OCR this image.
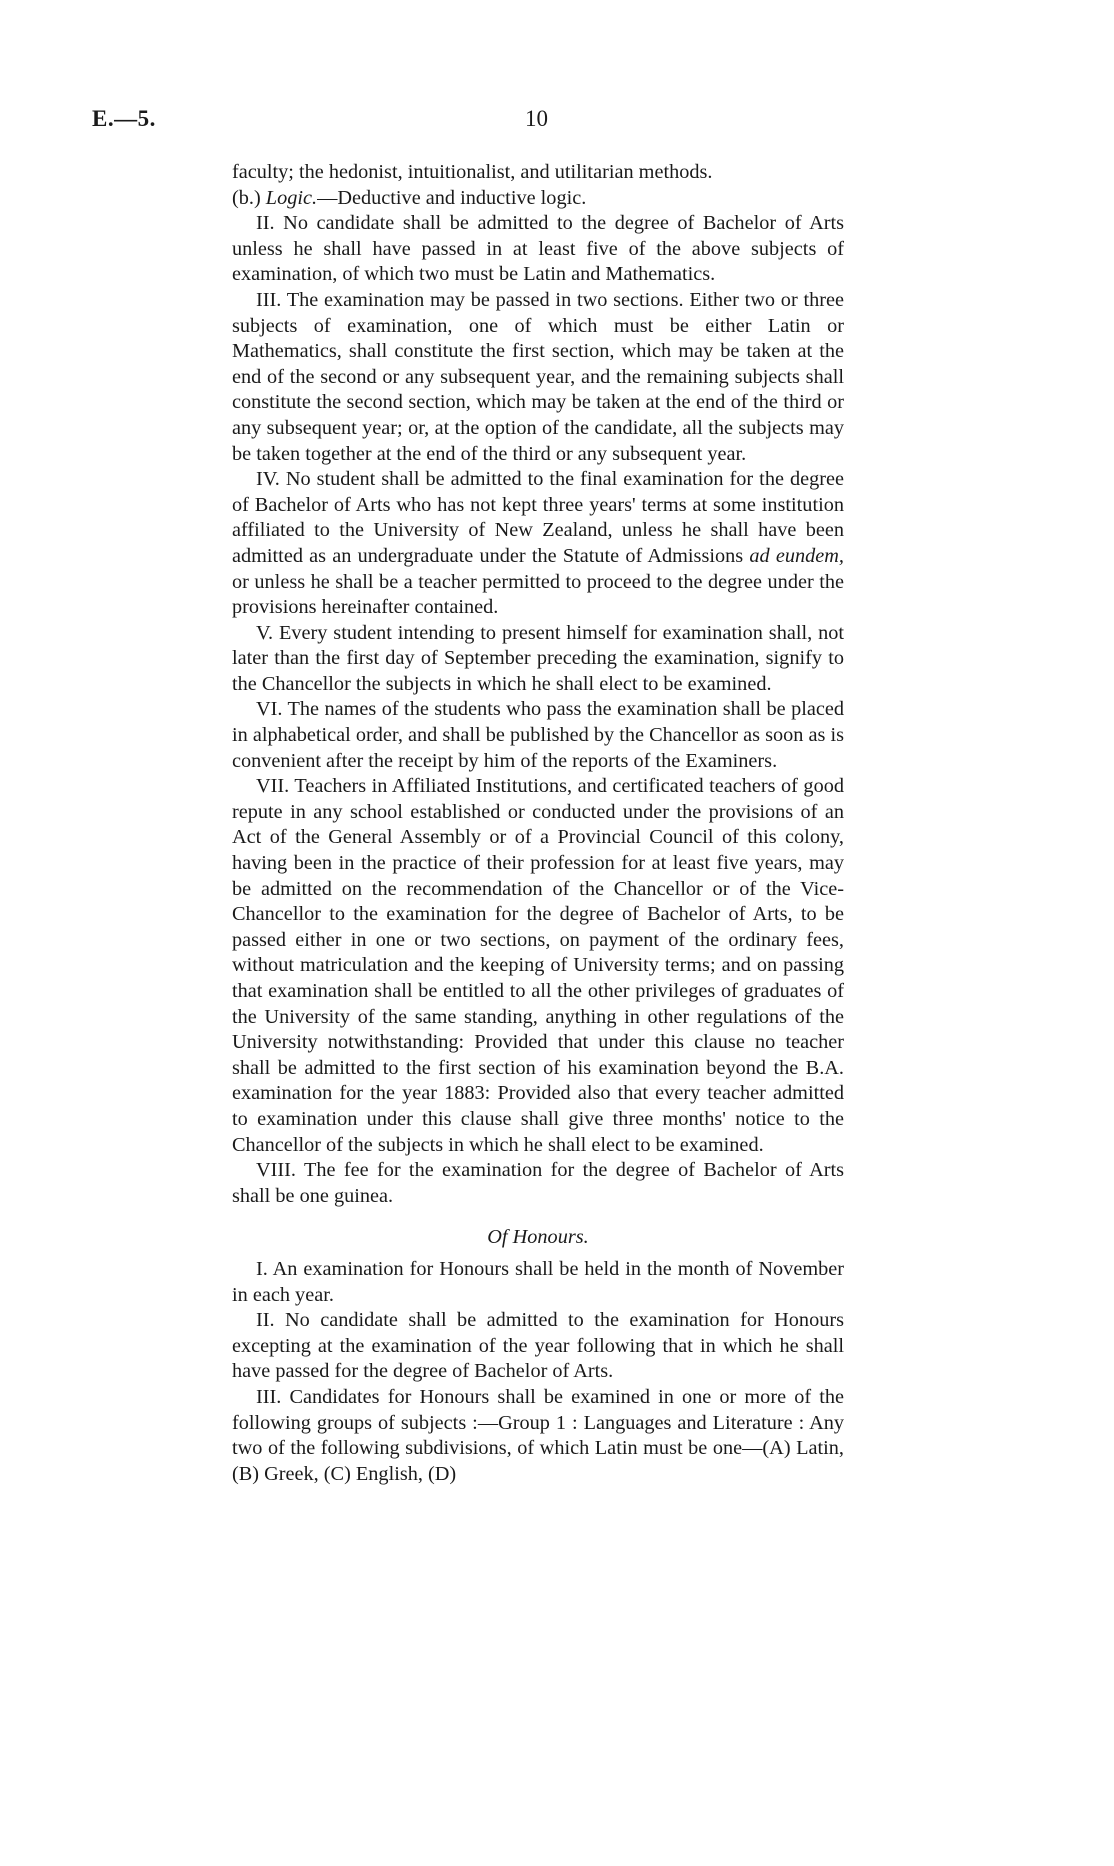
E.—5.	10

faculty; the hedonist, intuitionalist, and utilitarian methods.
(b.) Logic.—Deductive and inductive logic.

II. No candidate shall be admitted to the degree of Bachelor of Arts unless he shall have passed in at least five of the above subjects of examination, of which two must be Latin and Mathematics.

III. The examination may be passed in two sections. Either two or three subjects of examination, one of which must be either Latin or Mathematics, shall constitute the first section, which may be taken at the end of the second or any subsequent year, and the remaining subjects shall constitute the second section, which may be taken at the end of the third or any subsequent year; or, at the option of the candidate, all the subjects may be taken together at the end of the third or any subsequent year.

IV. No student shall be admitted to the final examination for the degree of Bachelor of Arts who has not kept three years' terms at some institution affiliated to the University of New Zealand, unless he shall have been admitted as an undergraduate under the Statute of Admissions ad eundem, or unless he shall be a teacher permitted to proceed to the degree under the provisions hereinafter contained.

V. Every student intending to present himself for examination shall, not later than the first day of September preceding the examination, signify to the Chancellor the subjects in which he shall elect to be examined.

VI. The names of the students who pass the examination shall be placed in alphabetical order, and shall be published by the Chancellor as soon as is convenient after the receipt by him of the reports of the Examiners.

VII. Teachers in Affiliated Institutions, and certificated teachers of good repute in any school established or conducted under the provisions of an Act of the General Assembly or of a Provincial Council of this colony, having been in the practice of their profession for at least five years, may be admitted on the recommendation of the Chancellor or of the Vice-Chancellor to the examination for the degree of Bachelor of Arts, to be passed either in one or two sections, on payment of the ordinary fees, without matriculation and the keeping of University terms; and on passing that examination shall be entitled to all the other privileges of graduates of the University of the same standing, anything in other regulations of the University notwithstanding: Provided that under this clause no teacher shall be admitted to the first section of his examination beyond the B.A. examination for the year 1883: Provided also that every teacher admitted to examination under this clause shall give three months' notice to the Chancellor of the subjects in which he shall elect to be examined.

VIII. The fee for the examination for the degree of Bachelor of Arts shall be one guinea.

Of Honours.

I. An examination for Honours shall be held in the month of November in each year.

II. No candidate shall be admitted to the examination for Honours excepting at the examination of the year following that in which he shall have passed for the degree of Bachelor of Arts.

III. Candidates for Honours shall be examined in one or more of the following groups of subjects :—Group 1 : Languages and Literature : Any two of the following subdivisions, of which Latin must be one—(A) Latin, (B) Greek, (C) English, (D)
